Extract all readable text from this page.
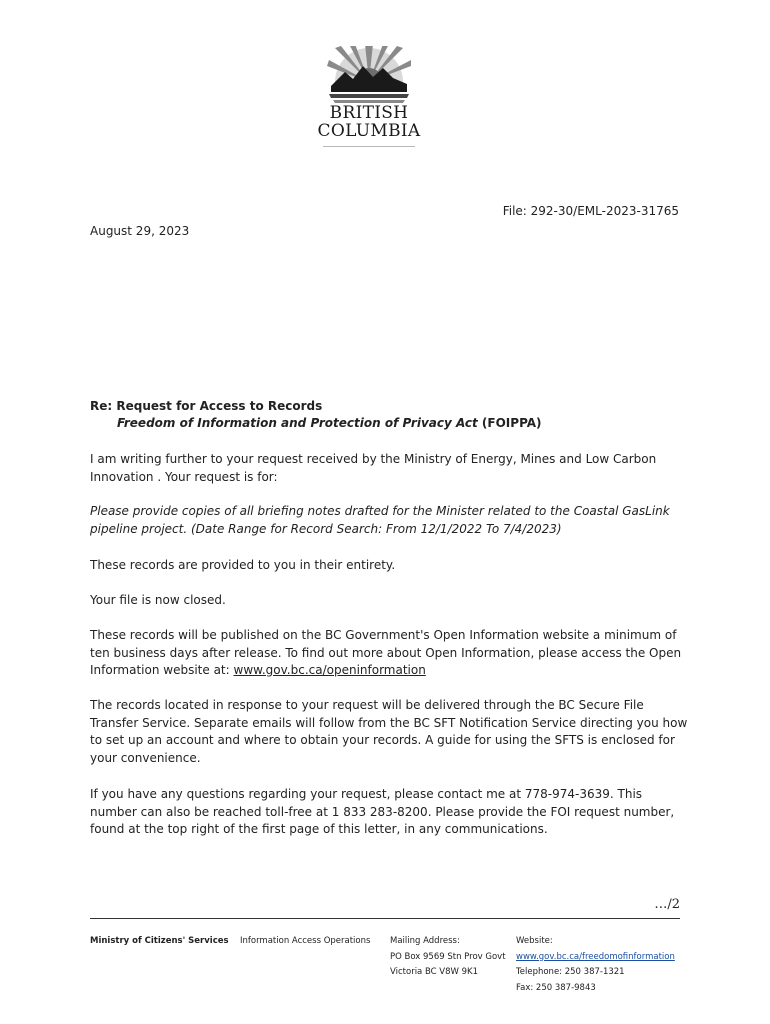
BRITISH
COLUMBIA
File: 292-30/EML-2023-31765
August 29, 2023
Re: Request for Access to Records
Freedom of Information and Protection of Privacy Act (FOIPPA)

I am writing further to your request received by the Ministry of Energy, Mines and Low Carbon Innovation . Your request is for:

Please provide copies of all briefing notes drafted for the Minister related to the Coastal GasLink pipeline project. (Date Range for Record Search: From 12/1/2022 To 7/4/2023)

These records are provided to you in their entirety.

Your file is now closed.

These records will be published on the BC Government's Open Information website a minimum of ten business days after release. To find out more about Open Information, please access the Open Information website at: www.gov.bc.ca/openinformation

The records located in response to your request will be delivered through the BC Secure File Transfer Service. Separate emails will follow from the BC SFT Notification Service directing you how to set up an account and where to obtain your records. A guide for using the SFTS is enclosed for your convenience.

If you have any questions regarding your request, please contact me at 778-974-3639. This number can also be reached toll-free at 1 833 283-8200. Please provide the FOI request number, found at the top right of the first page of this letter, in any communications.

…/2
Ministry of Citizens' Services Information Access Operations Mailing Address:
PO Box 9569 Stn Prov Govt
Victoria BC V8W 9K1
Website:
www.gov.bc.ca/freedomofinformation
Telephone: 250 387-1321
Fax: 250 387-9843
